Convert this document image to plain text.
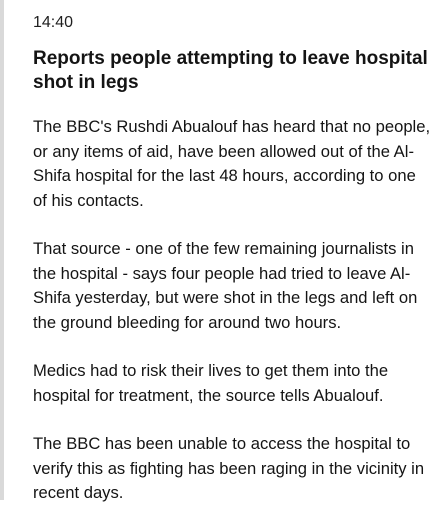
14:40
Reports people attempting to leave hospital shot in legs

The BBC's Rushdi Abualouf has heard that no people, or any items of aid, have been allowed out of the Al-Shifa hospital for the last 48 hours, according to one of his contacts.

That source - one of the few remaining journalists in the hospital - says four people had tried to leave Al-Shifa yesterday, but were shot in the legs and left on the ground bleeding for around two hours.

Medics had to risk their lives to get them into the hospital for treatment, the source tells Abualouf.

The BBC has been unable to access the hospital to verify this as fighting has been raging in the vicinity in recent days.
